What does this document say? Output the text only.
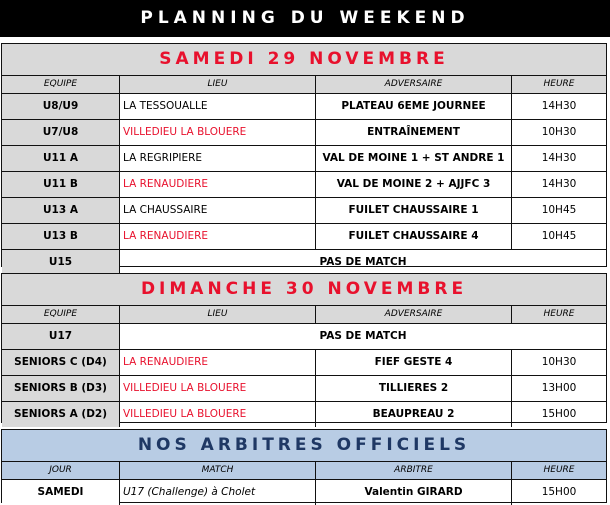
PLANNING DU WEEKEND
SAMEDI 29 NOVEMBRE
EQUIPE	LIEU	ADVERSAIRE	HEURE
U8/U9	LA TESSOUALLE	PLATEAU 6EME JOURNEE	14H30
U7/U8	VILLEDIEU LA BLOUERE	ENTRAÎNEMENT	10H30
U11 A	LA REGRIPIERE	VAL DE MOINE 1 + ST ANDRE 1	14H30
U11 B	LA RENAUDIERE	VAL DE MOINE 2 + AJJFC 3	14H30
U13 A	LA CHAUSSAIRE	FUILET CHAUSSAIRE 1	10H45
U13 B	LA RENAUDIERE	FUILET CHAUSSAIRE 4	10H45
U15	PAS DE MATCH
DIMANCHE 30 NOVEMBRE
EQUIPE	LIEU	ADVERSAIRE	HEURE
U17	PAS DE MATCH
SENIORS C (D4)	LA RENAUDIERE	FIEF GESTE 4	10H30
SENIORS B (D3)	VILLEDIEU LA BLOUERE	TILLIERES 2	13H00
SENIORS A (D2)	VILLEDIEU LA BLOUERE	BEAUPREAU 2	15H00
NOS ARBITRES OFFICIELS
JOUR	MATCH	ARBITRE	HEURE
SAMEDI	U17 (Challenge) à Cholet	Valentin GIRARD	15H00
